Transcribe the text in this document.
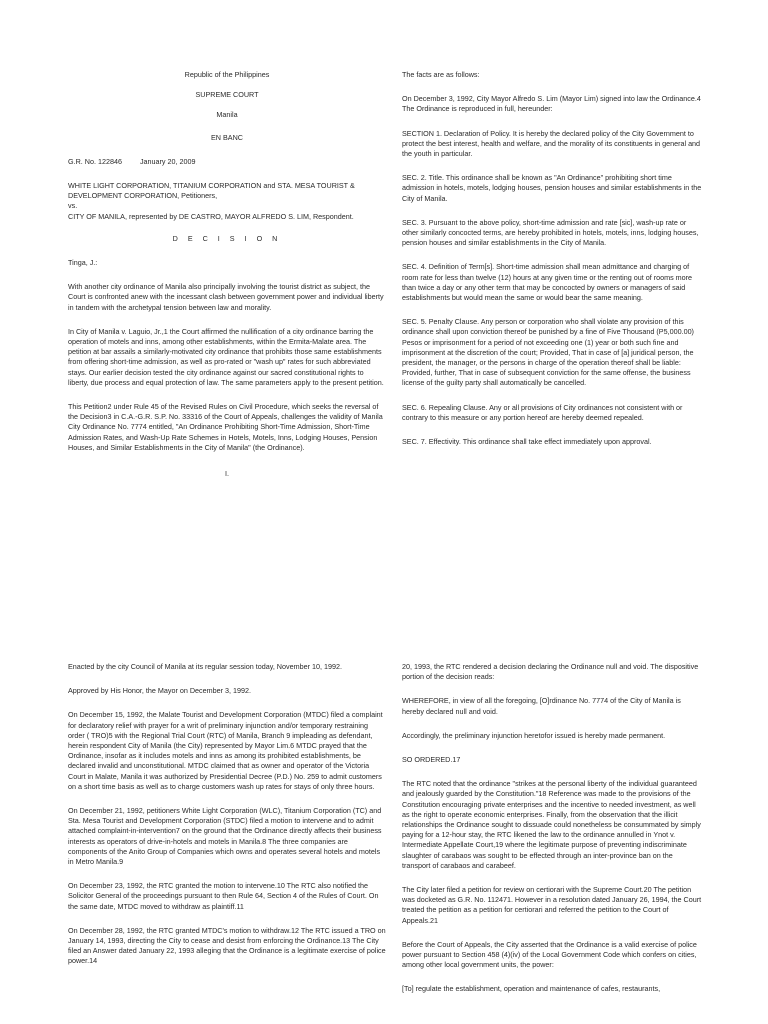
Republic of the Philippines

SUPREME COURT

Manila

EN BANC

G.R. No. 122846 January 20, 2009

WHITE LIGHT CORPORATION, TITANIUM CORPORATION and STA. MESA TOURIST & DEVELOPMENT CORPORATION, Petitioners,
vs.
CITY OF MANILA, represented by DE CASTRO, MAYOR ALFREDO S. LIM, Respondent.

D E C I S I O N

Tinga, J.:

With another city ordinance of Manila also principally involving the tourist district as subject, the Court is confronted anew with the incessant clash between government power and individual liberty in tandem with the archetypal tension between law and morality.

In City of Manila v. Laguio, Jr.,1 the Court affirmed the nullification of a city ordinance barring the operation of motels and inns, among other establishments, within the Ermita-Malate area. The petition at bar assails a similarly-motivated city ordinance that prohibits those same establishments from offering short-time admission, as well as pro-rated or "wash up" rates for such abbreviated stays. Our earlier decision tested the city ordinance against our sacred constitutional rights to liberty, due process and equal protection of law. The same parameters apply to the present petition.

This Petition2 under Rule 45 of the Revised Rules on Civil Procedure, which seeks the reversal of the Decision3 in C.A.-G.R. S.P. No. 33316 of the Court of Appeals, challenges the validity of Manila City Ordinance No. 7774 entitled, "An Ordinance Prohibiting Short-Time Admission, Short-Time Admission Rates, and Wash-Up Rate Schemes in Hotels, Motels, Inns, Lodging Houses, Pension Houses, and Similar Establishments in the City of Manila" (the Ordinance).

I.

The facts are as follows:

On December 3, 1992, City Mayor Alfredo S. Lim (Mayor Lim) signed into law the Ordinance.4 The Ordinance is reproduced in full, hereunder:

SECTION 1. Declaration of Policy. It is hereby the declared policy of the City Government to protect the best interest, health and welfare, and the morality of its constituents in general and the youth in particular.

SEC. 2. Title. This ordinance shall be known as "An Ordinance" prohibiting short time admission in hotels, motels, lodging houses, pension houses and similar establishments in the City of Manila.

SEC. 3. Pursuant to the above policy, short-time admission and rate [sic], wash-up rate or other similarly concocted terms, are hereby prohibited in hotels, motels, inns, lodging houses, pension houses and similar establishments in the City of Manila.

SEC. 4. Definition of Term[s]. Short-time admission shall mean admittance and charging of room rate for less than twelve (12) hours at any given time or the renting out of rooms more than twice a day or any other term that may be concocted by owners or managers of said establishments but would mean the same or would bear the same meaning.

SEC. 5. Penalty Clause. Any person or corporation who shall violate any provision of this ordinance shall upon conviction thereof be punished by a fine of Five Thousand (P5,000.00) Pesos or imprisonment for a period of not exceeding one (1) year or both such fine and imprisonment at the discretion of the court; Provided, That in case of [a] juridical person, the president, the manager, or the persons in charge of the operation thereof shall be liable: Provided, further, That in case of subsequent conviction for the same offense, the business license of the guilty party shall automatically be cancelled.

SEC. 6. Repealing Clause. Any or all provisions of City ordinances not consistent with or contrary to this measure or any portion hereof are hereby deemed repealed.

SEC. 7. Effectivity. This ordinance shall take effect immediately upon approval.

Enacted by the city Council of Manila at its regular session today, November 10, 1992.

Approved by His Honor, the Mayor on December 3, 1992.

On December 15, 1992, the Malate Tourist and Development Corporation (MTDC) filed a complaint for declaratory relief with prayer for a writ of preliminary injunction and/or temporary restraining order ( TRO)5 with the Regional Trial Court (RTC) of Manila, Branch 9 impleading as defendant, herein respondent City of Manila (the City) represented by Mayor Lim.6 MTDC prayed that the Ordinance, insofar as it includes motels and inns as among its prohibited establishments, be declared invalid and unconstitutional. MTDC claimed that as owner and operator of the Victoria Court in Malate, Manila it was authorized by Presidential Decree (P.D.) No. 259 to admit customers on a short time basis as well as to charge customers wash up rates for stays of only three hours.

On December 21, 1992, petitioners White Light Corporation (WLC), Titanium Corporation (TC) and Sta. Mesa Tourist and Development Corporation (STDC) filed a motion to intervene and to admit attached complaint-in-intervention7 on the ground that the Ordinance directly affects their business interests as operators of drive-in-hotels and motels in Manila.8 The three companies are components of the Anito Group of Companies which owns and operates several hotels and motels in Metro Manila.9

On December 23, 1992, the RTC granted the motion to intervene.10 The RTC also notified the Solicitor General of the proceedings pursuant to then Rule 64, Section 4 of the Rules of Court. On the same date, MTDC moved to withdraw as plaintiff.11

On December 28, 1992, the RTC granted MTDC's motion to withdraw.12 The RTC issued a TRO on January 14, 1993, directing the City to cease and desist from enforcing the Ordinance.13 The City filed an Answer dated January 22, 1993 alleging that the Ordinance is a legitimate exercise of police power.14

20, 1993, the RTC rendered a decision declaring the Ordinance null and void. The dispositive portion of the decision reads:

WHEREFORE, in view of all the foregoing, [O]rdinance No. 7774 of the City of Manila is hereby declared null and void.

Accordingly, the preliminary injunction heretofor issued is hereby made permanent.

SO ORDERED.17

The RTC noted that the ordinance "strikes at the personal liberty of the individual guaranteed and jealously guarded by the Constitution."18 Reference was made to the provisions of the Constitution encouraging private enterprises and the incentive to needed investment, as well as the right to operate economic enterprises. Finally, from the observation that the illicit relationships the Ordinance sought to dissuade could nonetheless be consummated by simply paying for a 12-hour stay, the RTC likened the law to the ordinance annulled in Ynot v. Intermediate Appellate Court,19 where the legitimate purpose of preventing indiscriminate slaughter of carabaos was sought to be effected through an inter-province ban on the transport of carabaos and carabeef.

The City later filed a petition for review on certiorari with the Supreme Court.20 The petition was docketed as G.R. No. 112471. However in a resolution dated January 26, 1994, the Court treated the petition as a petition for certiorari and referred the petition to the Court of Appeals.21

Before the Court of Appeals, the City asserted that the Ordinance is a valid exercise of police power pursuant to Section 458 (4)(iv) of the Local Government Code which confers on cities, among other local government units, the power:

[To] regulate the establishment, operation and maintenance of cafes, restaurants,
